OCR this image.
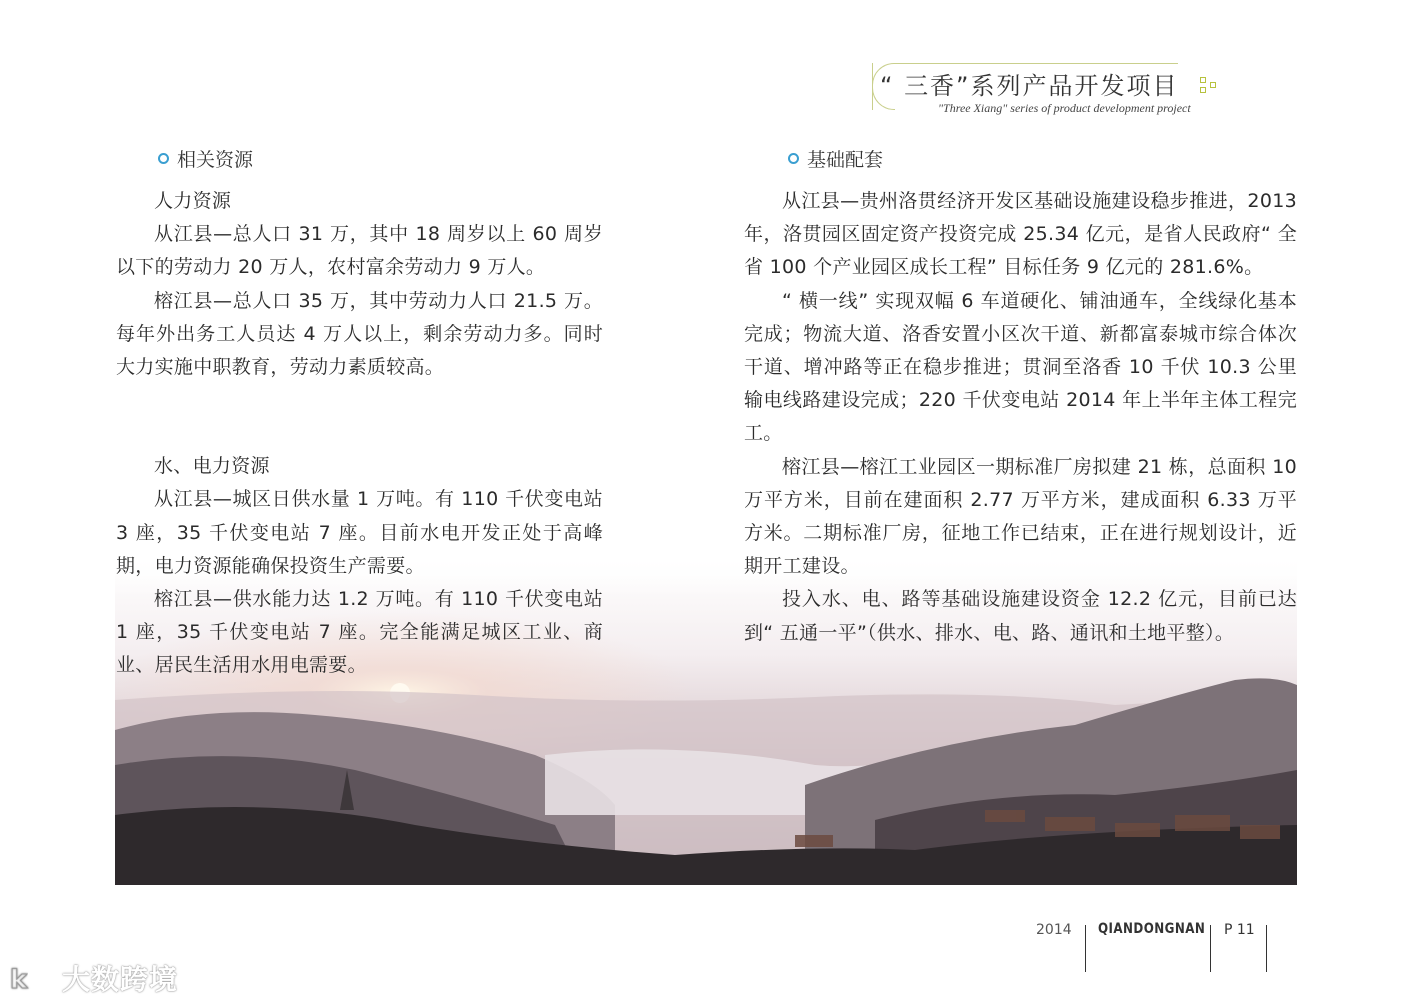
“ 三香”系列产品开发项目
"Three Xiang" series of product development project
相关资源

人力资源

从江县—总人口 31 万，其中 18 周岁以上 60 周岁以下的劳动力 20 万人，农村富余劳动力 9 万人。

榕江县—总人口 35 万，其中劳动力人口 21.5 万。每年外出务工人员达 4 万人以上，剩余劳动力多。同时大力实施中职教育，劳动力素质较高。

水、电力资源

从江县—城区日供水量 1 万吨。有 110 千伏变电站 3 座，35 千伏变电站 7 座。目前水电开发正处于高峰期，电力资源能确保投资生产需要。

榕江县—供水能力达 1.2 万吨。有 110 千伏变电站 1 座，35 千伏变电站 7 座。完全能满足城区工业、商业、居民生活用水用电需要。

基础配套

从江县—贵州洛贯经济开发区基础设施建设稳步推进，2013 年，洛贯园区固定资产投资完成 25.34 亿元，是省人民政府“ 全省 100 个产业园区成长工程” 目标任务 9 亿元的 281.6%。

“ 横一线” 实现双幅 6 车道硬化、铺油通车，全线绿化基本完成；物流大道、洛香安置小区次干道、新都富泰城市综合体次干道、增冲路等正在稳步推进；贯洞至洛香 10 千伏 10.3 公里输电线路建设完成；220 千伏变电站 2014 年上半年主体工程完工。

榕江县—榕江工业园区一期标准厂房拟建 21 栋，总面积 10 万平方米，目前在建面积 2.77 万平方米，建成面积 6.33 万平方米。二期标准厂房，征地工作已结束，正在进行规划设计，近期开工建设。

投入水、电、路等基础设施建设资金 12.2 亿元，目前已达到“ 五通一平”（供水、排水、电、路、通讯和土地平整）。

2014 QIANDONGNAN P 11
k 大数跨境
